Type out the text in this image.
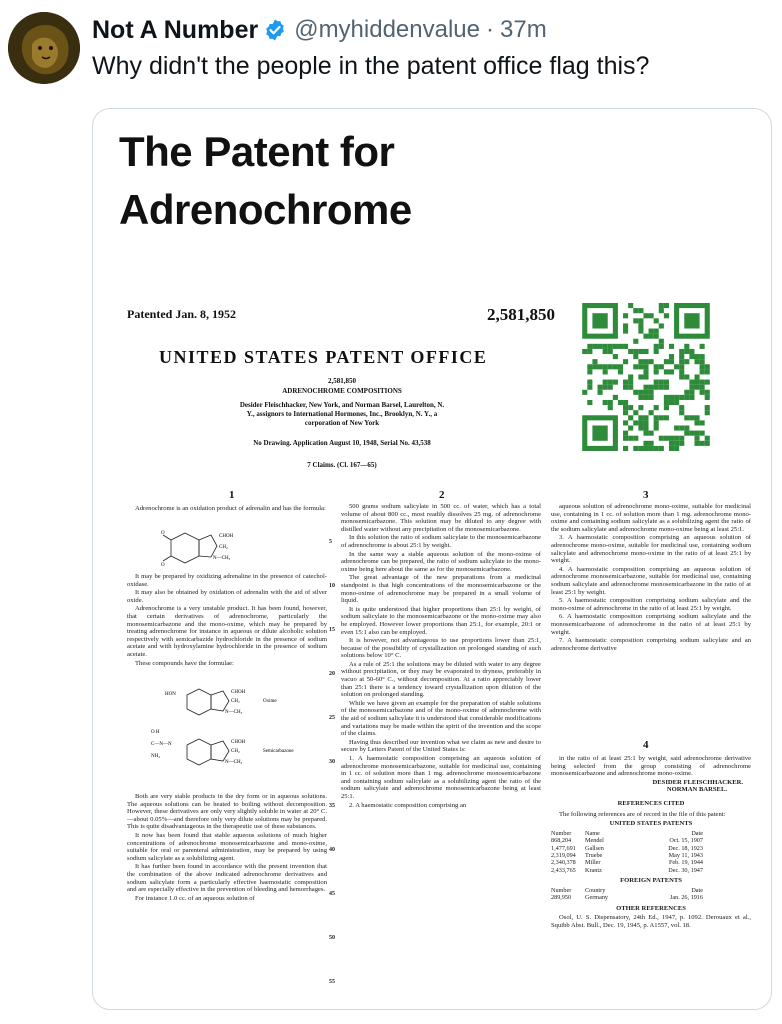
Not A Number @myhiddenvalue · 37m
Why didn't the people in the patent office flag this?
The Patent for
Adrenochrome
Patented Jan. 8, 1952	2,581,850
UNITED STATES PATENT OFFICE
2,581,850
ADRENOCHROME COMPOSITIONS
Desider Fleischhacker, New York, and Norman Barsel, Laurelton, N. Y., assignors to International Hormones, Inc., Brooklyn, N. Y., a corporation of New York
No Drawing. Application August 10, 1948, Serial No. 43,538
7 Claims. (Cl. 167—65)
1	2	3

Adrenochrome is an oxidation product of adrenalin and has the formula:

O
O
CHOH
CH₂
N—CH₃

It may be prepared by oxidizing adrenaline in the presence of catechol-oxidase.

It may also be obtained by oxidation of adrenalin with the aid of silver oxide.

Adrenochrome is a very unstable product. It has been found, however, that certain derivatives of adrenochrome, particularly the monosemicarbazone and the mono-oxime, which may be prepared by treating adrenochrome for instance in aqueous or dilute alcoholic solution respectively with semicarbazide hydrochloride in the presence of sodium acetate and with hydroxylamine hydrochloride in the presence of sodium acetate.

These compounds have the formulae:

HON	CHOH
CH₂
N—CH₃
Oxime
O H
C—N—N
NH₂
CHOH
CH₂
N—CH₃
Semicarbazone

Both are very stable products in the dry form or in aqueous solutions. The aqueous solutions can be heated to boiling without decomposition. However, these derivatives are only very slightly soluble in water at 20° C.—about 0.05%—and therefore only very dilute solutions may be prepared. This is quite disadvantageous in the therapeutic use of these substances.

It now has been found that stable aqueous solutions of much higher concentrations of adrenochrome monosemicarbazone and mono-oxime, suitable for oral or parenteral administration, may be prepared by using sodium salicylate as a solubilizing agent.

It has further been found in accordance with the present invention that the combination of the above indicated adrenochrome derivatives and sodium salicylate form a particularly effective haemostatic composition and are especially effective in the prevention of bleeding and hemorrhages.

For instance 1.0 cc. of an aqueous solution of

5
10
15
20
25
30
35
40
45
50
55

500 grams sodium salicylate in 500 cc. of water, which has a total volume of about 800 cc., most readily dissolves 25 mg. of adrenochrome monosemicarbazone. This solution may be diluted to any degree with distilled water without any precipitation of the monosemicarbazone.

In this solution the ratio of sodium salicylate to the monosemicarbazone of adrenochrome is about 25:1 by weight.

In the same way a stable aqueous solution of the mono-oxime of adrenochrome can be prepared, the ratio of sodium salicylate to the mono-oxime being here about the same as for the monosemicarbazone.

The great advantage of the new preparations from a medicinal standpoint is that high concentrations of the monosemicarbazone or the mono-oxime of adrenochrome may be prepared in a small volume of liquid.

It is quite understood that higher proportions than 25:1 by weight, of sodium salicylate to the monosemicarbazone or the mono-oxime may also be employed. However lower proportions than 25:1, for example, 20:1 or even 15:1 also can be employed.

It is however, not advantageous to use proportions lower than 25:1, because of the possibility of crystallization on prolonged standing of such solutions below 10° C.

As a rule of 25:1 the solutions may be diluted with water to any degree without precipitation, or they may be evaporated to dryness, preferably in vacuo at 50-60° C., without decomposition. At a ratio appreciably lower than 25:1 there is a tendency toward crystallization upon dilution of the solution on prolonged standing.

While we have given an example for the preparation of stable solutions of the monosemicarbazone and of the mono-oxime of adrenochrome with the aid of sodium salicylate it is understood that considerable modifications and variations may be made within the spirit of the invention and the scope of the claims.

Having thus described our invention what we claim as new and desire to secure by Letters Patent of the United States is:

1. A haemostatic composition comprising an aqueous solution of adrenochrome monosemicarbazone, suitable for medicinal use, containing in 1 cc. of solution more than 1 mg. adrenochrome monosemicarbazone and containing sodium salicylate as a solubilizing agent the ratio of the sodium salicylate and adrenochrome monosemicarbazone being at least 25:1.

2. A haemostatic composition comprising an

aqueous solution of adrenochrome mono-oxime, suitable for medicinal use, containing in 1 cc. of solution more than 1 mg. adrenochrome mono-oxime and containing sodium salicylate as a solubilizing agent the ratio of the sodium salicylate and adrenochrome mono-oxime being at least 25:1.

3. A haemostatic composition comprising an aqueous solution of adrenochrome mono-oxime, suitable for medicinal use, containing sodium salicylate and adrenochrome mono-oxime in the ratio of at least 25:1 by weight.

4. A haemostatic composition comprising an aqueous solution of adrenochrome monosemicarbazone, suitable for medicinal use, containing sodium salicylate and adrenochrome monosemicarbazone in the ratio of at least 25:1 by weight.

5. A haemostatic composition comprising sodium salicylate and the mono-oxime of adrenochrome in the ratio of at least 25:1 by weight.

6. A haemostatic composition comprising sodium salicylate and the monosemicarbazone of adrenochrome in the ratio of at least 25:1 by weight.

7. A haemostatic composition comprising sodium salicylate and an adrenochrome derivative

4

in the ratio of at least 25:1 by weight, said adrenochrome derivative being selected from the group consisting of adrenochrome monosemicarbazone and adrenochrome mono-oxime.

DESIDER FLEISCHHACKER.
NORMAN BARSEL.
REFERENCES CITED

The following references are of record in the file of this patent:

UNITED STATES PATENTS
Number	Name	Date
868,204	Mendel	Oct. 15, 1907
1,477,691	Gallsen	Dec. 18, 1923
2,319,094	Truebe	May 11, 1943
2,340,378	Miller	Feb. 19, 1944
2,433,765	Krantz	Dec. 30, 1947
FOREIGN PATENTS
Number	Country	Date
289,950	Germany	Jan. 26, 1916
OTHER REFERENCES

Osol, U. S. Dispensatory, 24th Ed., 1947, p. 1092. Derouaux et al., Squibb Abst. Bull., Dec. 19, 1945, p. A1557, vol. 18.
